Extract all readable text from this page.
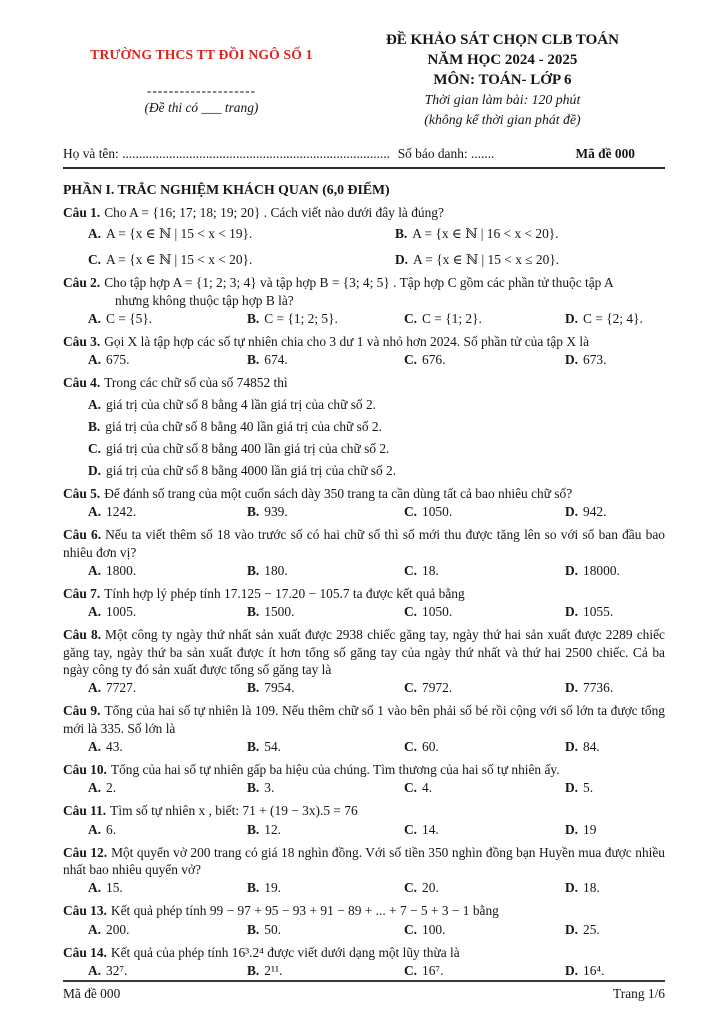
TRƯỜNG THCS TT ĐỒI NGÔ SỐ 1
--------------------
(Đề thi có ___ trang)
ĐỀ KHẢO SÁT CHỌN CLB TOÁN
NĂM HỌC 2024 - 2025
MÔN: TOÁN- LỚP 6
Thời gian làm bài: 120 phút
(không kể thời gian phát đề)
Họ và tên: ................................................................................ Số báo danh: .......	Mã đề 000
PHẦN I. TRẮC NGHIỆM KHÁCH QUAN (6,0 ĐIỂM)
Câu 1. Cho A = {16; 17; 18; 19; 20} . Cách viết nào dưới đây là đúng?
A. A = {x ∈ ℕ | 15 < x < 19}.	B. A = {x ∈ ℕ | 16 < x < 20}.
C. A = {x ∈ ℕ | 15 < x < 20}.	D. A = {x ∈ ℕ | 15 < x ≤ 20}.
Câu 2. Cho tập hợp A = {1; 2; 3; 4} và tập hợp B = {3; 4; 5} . Tập hợp C gồm các phần tử thuộc tập A
nhưng không thuộc tập hợp B là?
A. C = {5}.	B. C = {1; 2; 5}.	C. C = {1; 2}.	D. C = {2; 4}.
Câu 3. Gọi X là tập hợp các số tự nhiên chia cho 3 dư 1 và nhỏ hơn 2024. Số phần tử của tập X là
A. 675.	B. 674.	C. 676.	D. 673.
Câu 4. Trong các chữ số của số 74852 thì
A. giá trị của chữ số 8 bằng 4 lần giá trị của chữ số 2.
B. giá trị của chữ số 8 bằng 40 lần giá trị của chữ số 2.
C. giá trị của chữ số 8 bằng 400 lần giá trị của chữ số 2.
D. giá trị của chữ số 8 bằng 4000 lần giá trị của chữ số 2.
Câu 5. Để đánh số trang của một cuốn sách dày 350 trang ta cần dùng tất cả bao nhiêu chữ số?
A. 1242.	B. 939.	C. 1050.	D. 942.
Câu 6. Nếu ta viết thêm số 18 vào trước số có hai chữ số thì số mới thu được tăng lên so với số ban đầu bao nhiêu đơn vị?
A. 1800.	B. 180.	C. 18.	D. 18000.
Câu 7. Tính hợp lý phép tính 17.125 − 17.20 − 105.7 ta được kết quả bằng
A. 1005.	B. 1500.	C. 1050.	D. 1055.
Câu 8. Một công ty ngày thứ nhất sản xuất được 2938 chiếc găng tay, ngày thứ hai sản xuất được 2289 chiếc găng tay, ngày thứ ba sản xuất được ít hơn tổng số găng tay của ngày thứ nhất và thứ hai 2500 chiếc. Cả ba ngày công ty đó sản xuất được tổng số găng tay là
A. 7727.	B. 7954.	C. 7972.	D. 7736.
Câu 9. Tổng của hai số tự nhiên là 109. Nếu thêm chữ số 1 vào bên phải số bé rồi cộng với số lớn ta được tổng mới là 335. Số lớn là
A. 43.	B. 54.	C. 60.	D. 84.
Câu 10. Tổng của hai số tự nhiên gấp ba hiệu của chúng. Tìm thương của hai số tự nhiên ấy.
A. 2.	B. 3.	C. 4.	D. 5.
Câu 11. Tìm số tự nhiên x , biết: 71 + (19 − 3x).5 = 76
A. 6.	B. 12.	C. 14.	D. 19
Câu 12. Một quyển vở 200 trang có giá 18 nghìn đồng. Với số tiền 350 nghìn đồng bạn Huyền mua được nhiều nhất bao nhiêu quyển vở?
A. 15.	B. 19.	C. 20.	D. 18.
Câu 13. Kết quả phép tính 99 − 97 + 95 − 93 + 91 − 89 + ... + 7 − 5 + 3 − 1 bằng
A. 200.	B. 50.	C. 100.	D. 25.
Câu 14. Kết quả của phép tính 16³.2⁴ được viết dưới dạng một lũy thừa là
A. 32⁷.	B. 2¹¹.	C. 16⁷.	D. 16⁴.
Mã đề 000	Trang 1/6
